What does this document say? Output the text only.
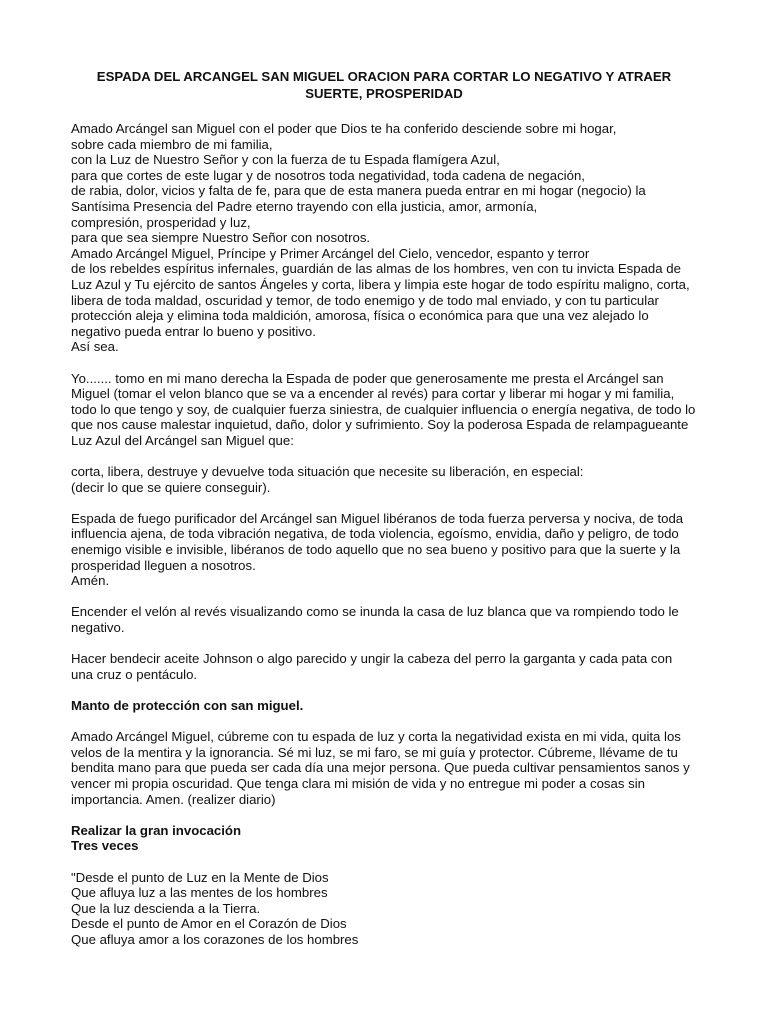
ESPADA DEL ARCANGEL SAN MIGUEL ORACION PARA CORTAR LO NEGATIVO Y ATRAER
SUERTE, PROSPERIDAD
Amado Arcángel san Miguel con el poder que Dios te ha conferido desciende sobre mi hogar,
sobre cada miembro de mi familia,
con la Luz de Nuestro Señor y con la fuerza de tu Espada flamígera Azul,
para que cortes de este lugar y de nosotros toda negatividad, toda cadena de negación,
de rabia, dolor, vicios y falta de fe, para que de esta manera pueda entrar en mi hogar (negocio) la
Santísima Presencia del Padre eterno trayendo con ella justicia, amor, armonía,
compresión, prosperidad y luz,
para que sea siempre Nuestro Señor con nosotros.
Amado Arcángel Miguel, Príncipe y Primer Arcángel del Cielo, vencedor, espanto y terror
de los rebeldes espíritus infernales, guardián de las almas de los hombres, ven con tu invicta Espada de
Luz Azul y Tu ejército de santos Ángeles y corta, libera y limpia este hogar de todo espíritu maligno, corta,
libera de toda maldad, oscuridad y temor, de todo enemigo y de todo mal enviado, y con tu particular
protección aleja y elimina toda maldición, amorosa, física o económica para que una vez alejado lo
negativo pueda entrar lo bueno y positivo.
Así sea.
Yo....... tomo en mi mano derecha la Espada de poder que generosamente me presta el Arcángel san
Miguel (tomar el velon blanco que se va a encender al revés) para cortar y liberar mi hogar y mi familia,
todo lo que tengo y soy, de cualquier fuerza siniestra, de cualquier influencia o energía negativa, de todo lo
que nos cause malestar inquietud, daño, dolor y sufrimiento. Soy la poderosa Espada de relampagueante
Luz Azul del Arcángel san Miguel que:
corta, libera, destruye y devuelve toda situación que necesite su liberación, en especial:
(decir lo que se quiere conseguir).
Espada de fuego purificador del Arcángel san Miguel libéranos de toda fuerza perversa y nociva, de toda
influencia ajena, de toda vibración negativa, de toda violencia, egoísmo, envidia, daño y peligro, de todo
enemigo visible e invisible, libéranos de todo aquello que no sea bueno y positivo para que la suerte y la
prosperidad lleguen a nosotros.
Amén.
Encender el velón al revés visualizando como se inunda la casa de luz blanca que va rompiendo todo le
negativo.
Hacer bendecir aceite Johnson o algo parecido y ungir la cabeza del perro la garganta y cada pata con
una cruz o pentáculo.
Manto de protección con san miguel.
Amado Arcángel Miguel, cúbreme con tu espada de luz y corta la negatividad exista en mi vida, quita los
velos de la mentira y la ignorancia. Sé mi luz, se mi faro, se mi guía y protector. Cúbreme, llévame de tu
bendita mano para que pueda ser cada día una mejor persona. Que pueda cultivar pensamientos sanos y
vencer mi propia oscuridad. Que tenga clara mi misión de vida y no entregue mi poder a cosas sin
importancia. Amen. (realizer diario)
Realizar la gran invocación
Tres veces
"Desde el punto de Luz en la Mente de Dios
Que afluya luz a las mentes de los hombres
Que la luz descienda a la Tierra.
Desde el punto de Amor en el Corazón de Dios
Que afluya amor a los corazones de los hombres
